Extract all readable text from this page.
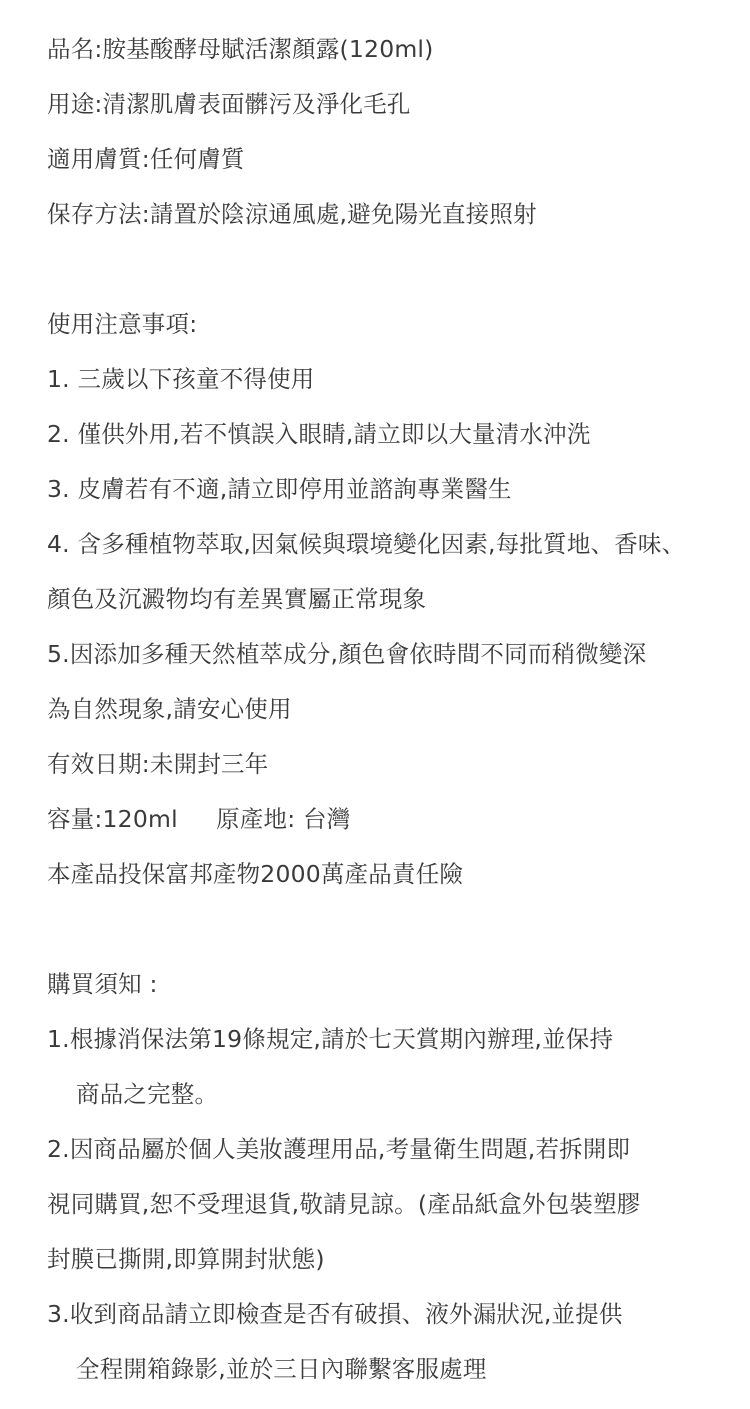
品名:胺基酸酵母賦活潔顏露(120ml)
用途:清潔肌膚表面髒污及淨化毛孔
適用膚質:任何膚質
保存方法:請置於陰涼通風處,避免陽光直接照射
使用注意事項:
1. 三歲以下孩童不得使用
2. 僅供外用,若不慎誤入眼睛,請立即以大量清水沖洗
3. 皮膚若有不適,請立即停用並諮詢專業醫生
4. 含多種植物萃取,因氣候與環境變化因素,每批質地、香味、
顏色及沉澱物均有差異實屬正常現象
5.因添加多種天然植萃成分,顏色會依時間不同而稍微變深
為自然現象,請安心使用
有效日期:未開封三年
容量:120ml     原產地: 台灣
本產品投保富邦產物2000萬產品責任險
購買須知 :
1.根據消保法第19條規定,請於七天賞期內辦理,並保持
商品之完整。
2.因商品屬於個人美妝護理用品,考量衛生問題,若拆開即
視同購買,恕不受理退貨,敬請見諒。(產品紙盒外包裝塑膠
封膜已撕開,即算開封狀態)
3.收到商品請立即檢查是否有破損、液外漏狀況,並提供
全程開箱錄影,並於三日內聯繫客服處理
